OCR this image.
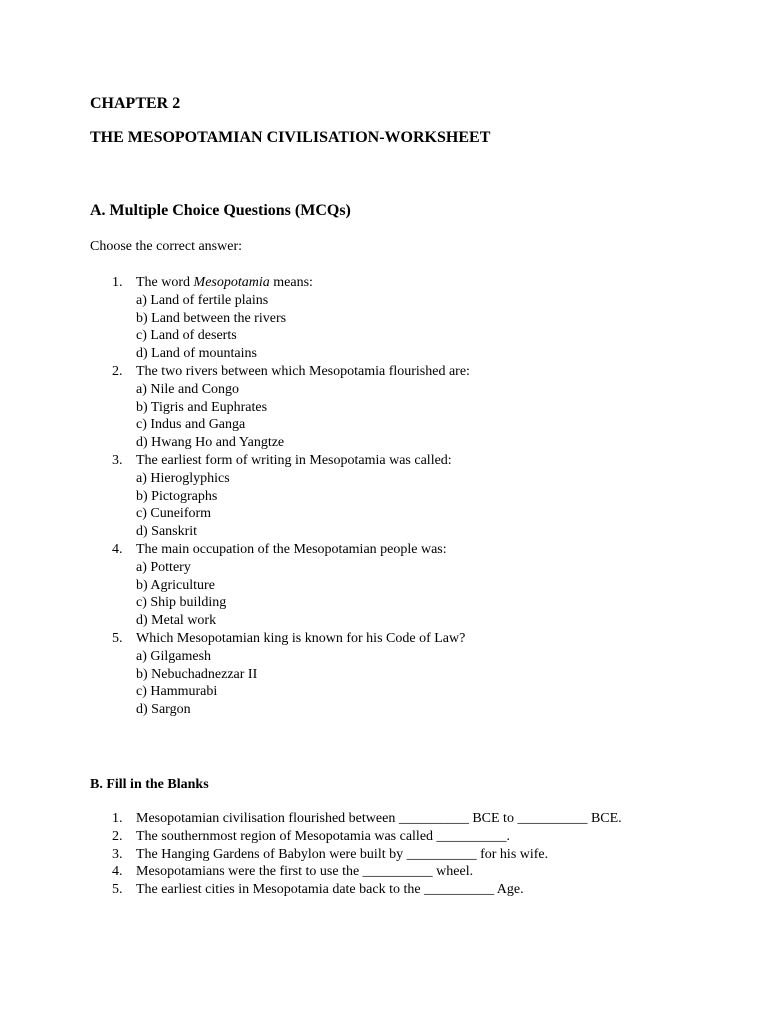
CHAPTER 2
THE MESOPOTAMIAN CIVILISATION-WORKSHEET
A. Multiple Choice Questions (MCQs)
Choose the correct answer:
1. The word Mesopotamia means:
a) Land of fertile plains
b) Land between the rivers
c) Land of deserts
d) Land of mountains
2. The two rivers between which Mesopotamia flourished are:
a) Nile and Congo
b) Tigris and Euphrates
c) Indus and Ganga
d) Hwang Ho and Yangtze
3. The earliest form of writing in Mesopotamia was called:
a) Hieroglyphics
b) Pictographs
c) Cuneiform
d) Sanskrit
4. The main occupation of the Mesopotamian people was:
a) Pottery
b) Agriculture
c) Ship building
d) Metal work
5. Which Mesopotamian king is known for his Code of Law?
a) Gilgamesh
b) Nebuchadnezzar II
c) Hammurabi
d) Sargon
B. Fill in the Blanks
1. Mesopotamian civilisation flourished between __________ BCE to __________ BCE.
2. The southernmost region of Mesopotamia was called __________.
3. The Hanging Gardens of Babylon were built by __________ for his wife.
4. Mesopotamians were the first to use the __________ wheel.
5. The earliest cities in Mesopotamia date back to the __________ Age.
